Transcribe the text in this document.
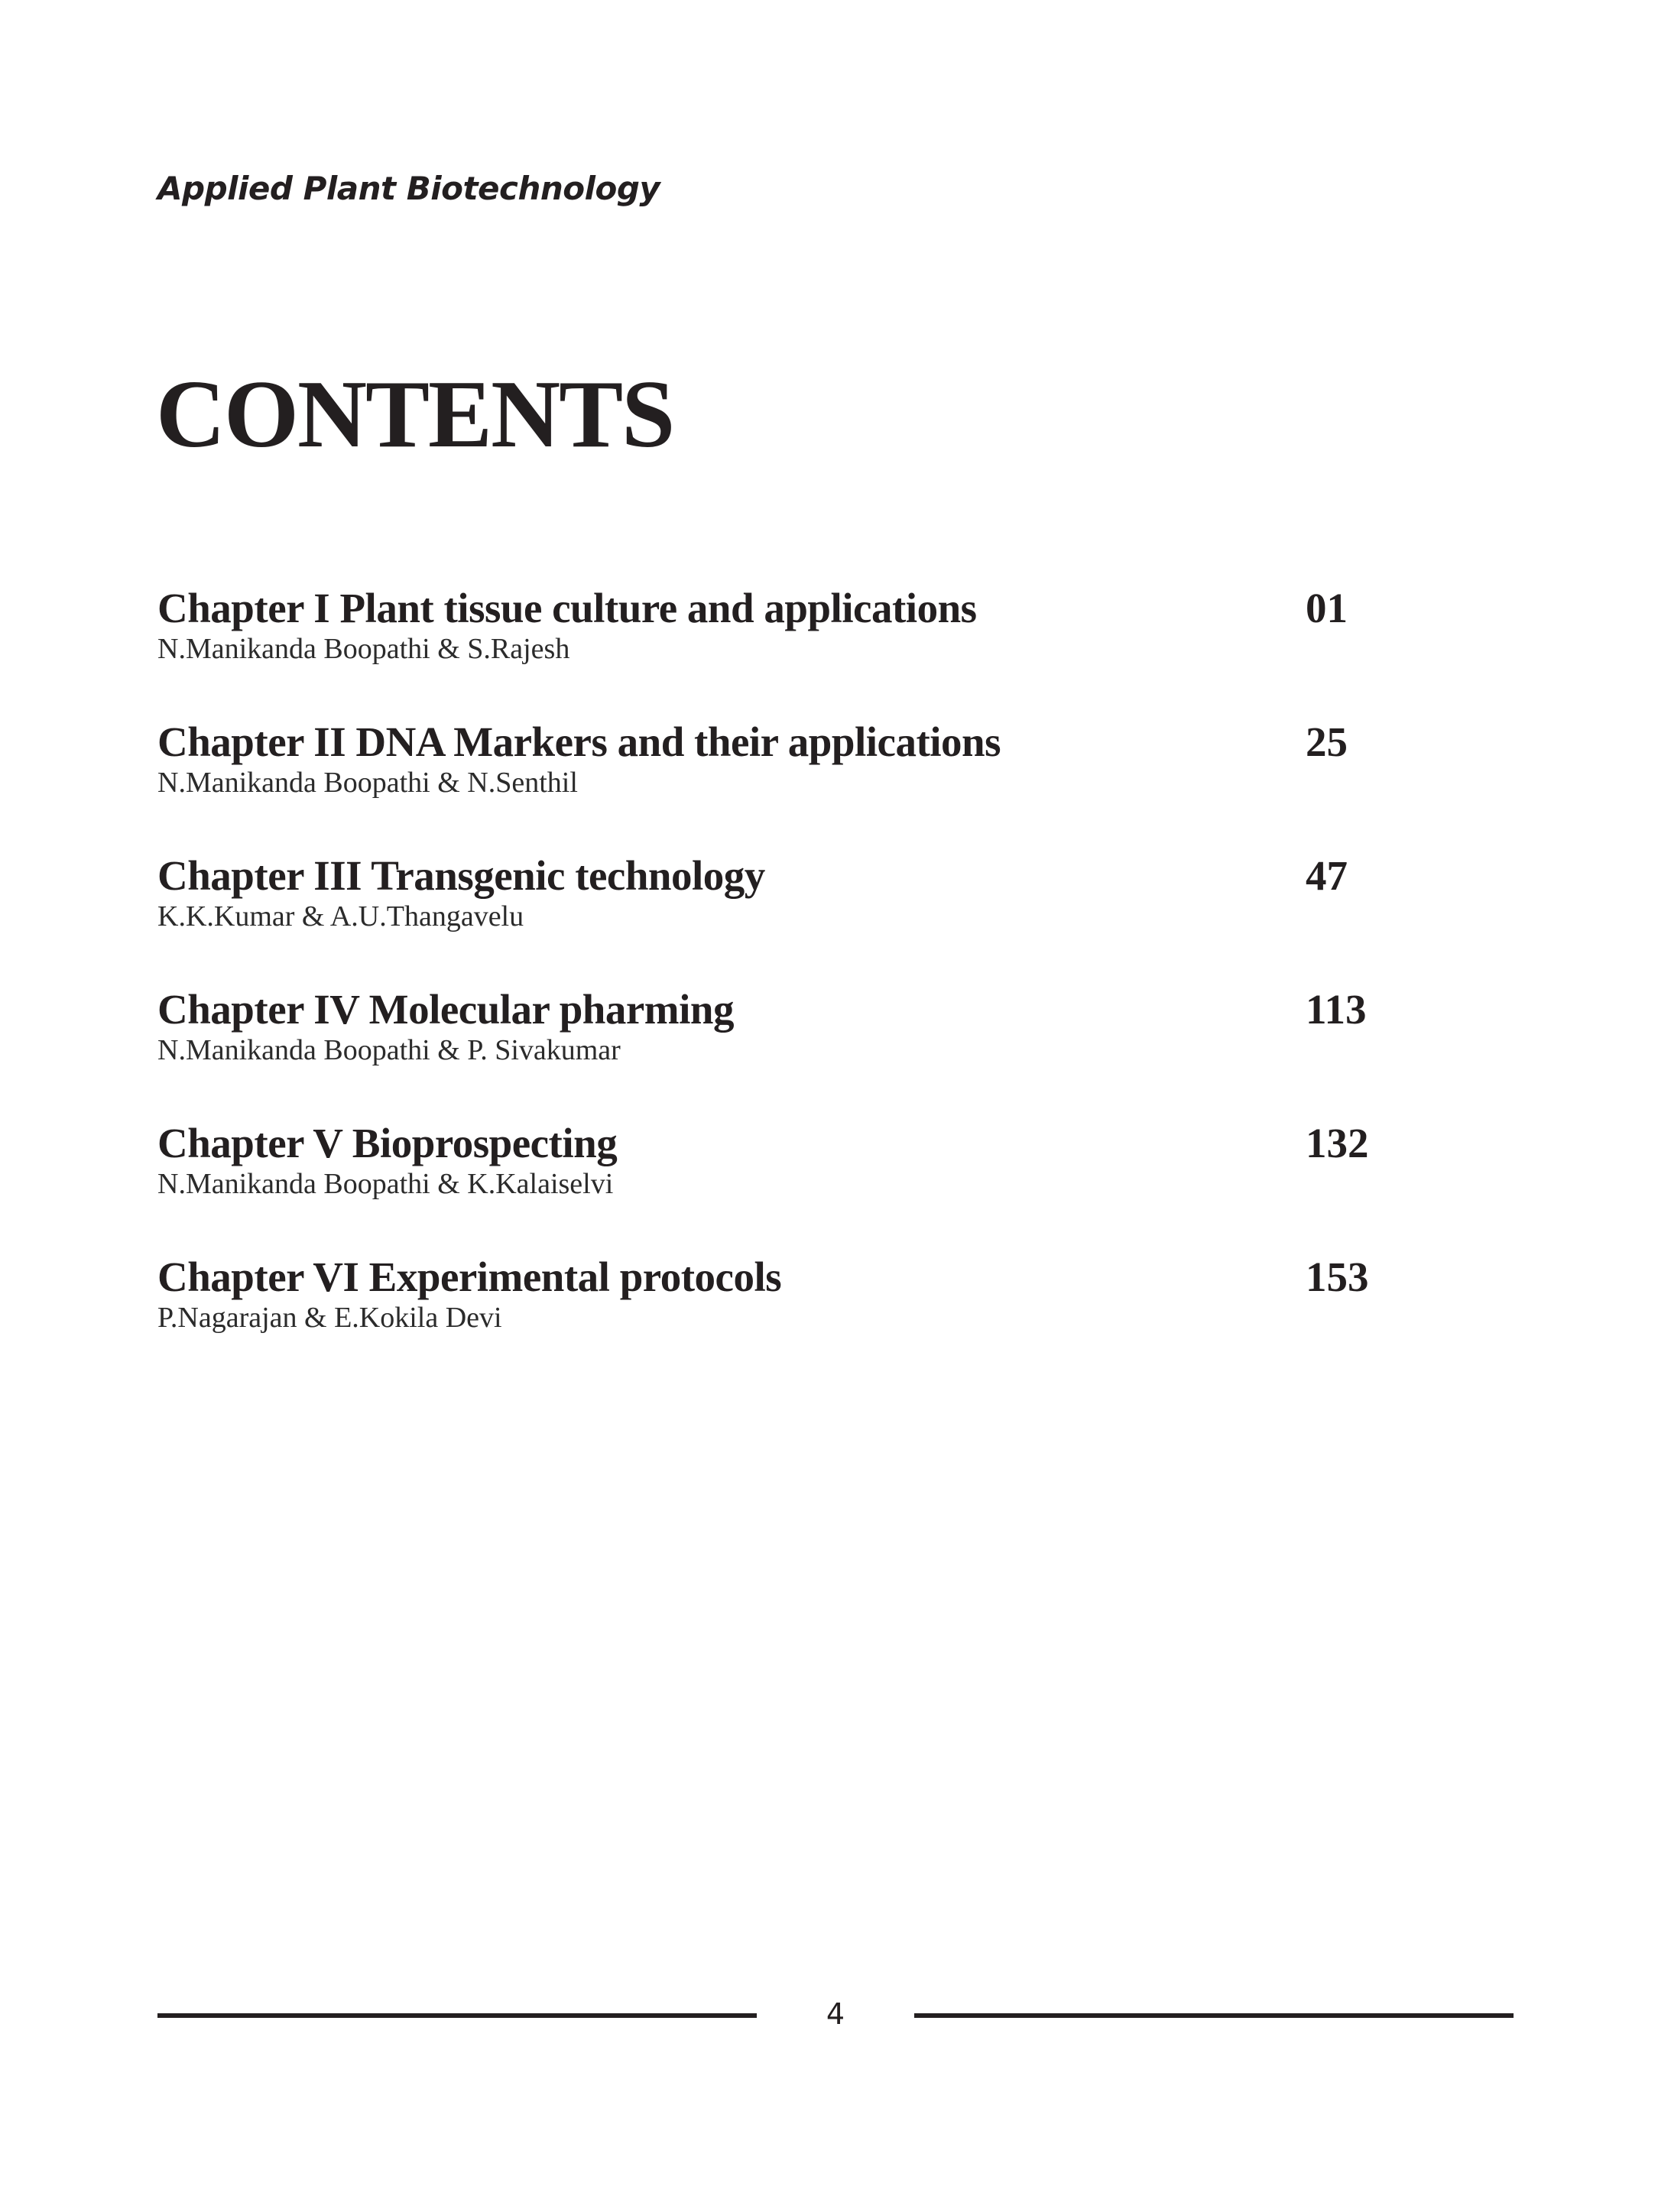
Applied Plant Biotechnology
CONTENTS
Chapter I Plant tissue culture and applications	01
N.Manikanda Boopathi & S.Rajesh
Chapter II DNA Markers and their applications	25
N.Manikanda Boopathi & N.Senthil
Chapter III Transgenic technology	47
K.K.Kumar & A.U.Thangavelu
Chapter IV Molecular pharming	113
N.Manikanda Boopathi & P. Sivakumar
Chapter V Bioprospecting	132
N.Manikanda Boopathi & K.Kalaiselvi
Chapter VI Experimental protocols	153
P.Nagarajan & E.Kokila Devi
4
